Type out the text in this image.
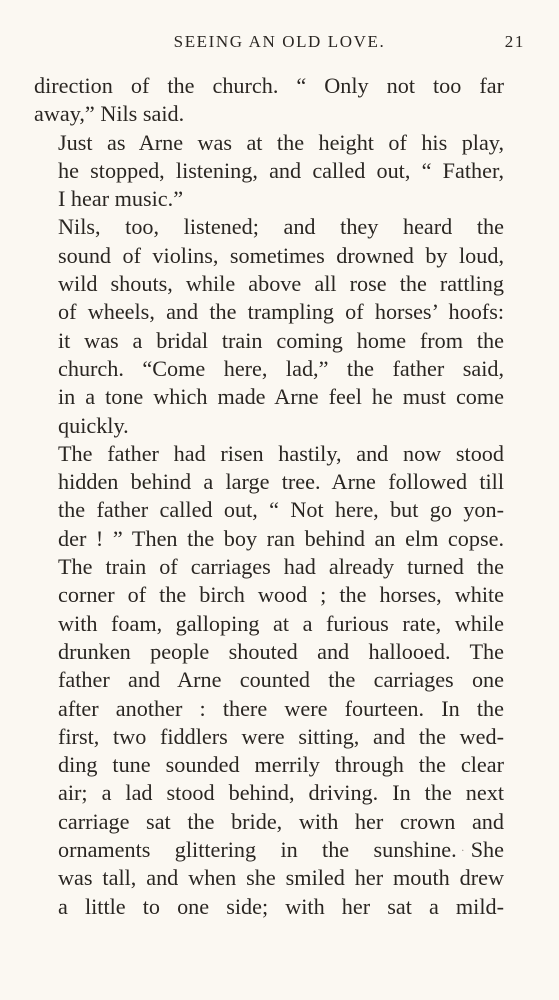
SEEING AN OLD LOVE.	21

direction of the church. “ Only not too far
away,” Nils said.

Just as Arne was at the height of his play,
he stopped, listening, and called out, “ Father,
I hear music.”

Nils, too, listened; and they heard the
sound of violins, sometimes drowned by loud,
wild shouts, while above all rose the rattling
of wheels, and the trampling of horses’ hoofs:
it was a bridal train coming home from the
church. “Come here, lad,” the father said,
in a tone which made Arne feel he must come
quickly.

The father had risen hastily, and now stood
hidden behind a large tree. Arne followed till
the father called out, “ Not here, but go yon-
der ! ” Then the boy ran behind an elm copse.
The train of carriages had already turned the
corner of the birch wood ; the horses, white
with foam, galloping at a furious rate, while
drunken people shouted and hallooed. The
father and Arne counted the carriages one
after another : there were fourteen. In the
first, two fiddlers were sitting, and the wed-
ding tune sounded merrily through the clear
air; a lad stood behind, driving. In the next
carriage sat the bride, with her crown and
ornaments glittering in the sunshine. · She
was tall, and when she smiled her mouth drew
a little to one side; with her sat a mild-
